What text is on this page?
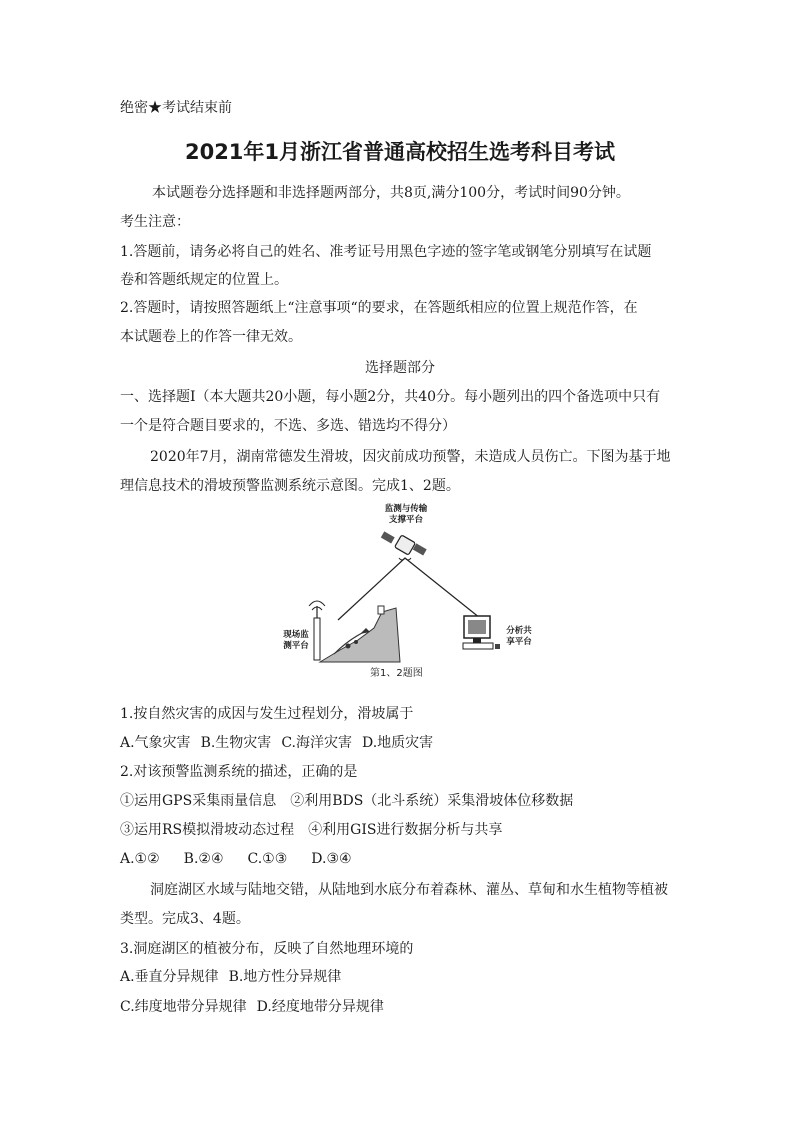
绝密★考试结束前
2021年1月浙江省普通高校招生选考科目考试
本试题卷分选择题和非选择题两部分，共8页,满分100分，考试时间90分钟。
考生注意：
1.答题前，请务必将自己的姓名、准考证号用黑色字迹的签字笔或钢笔分别填写在试题
卷和答题纸规定的位置上。
2.答题时，请按照答题纸上“注意事项“的要求，在答题纸相应的位置上规范作答，在
本试题卷上的作答一律无效。
选择题部分
一、选择题Ⅰ（本大题共20小题，每小题2分，共40分。每小题列出的四个备选项中只有
一个是符合题目要求的，不选、多选、错选均不得分）
2020年7月，湖南常德发生滑坡，因灾前成功预警，未造成人员伤亡。下图为基于地
理信息技术的滑坡预警监测系统示意图。完成1、2题。
监测与传输
支撑平台
现场监
测平台
分析共
享平台
第1、2题图
1.按自然灾害的成因与发生过程划分，滑坡属于
A.气象灾害 B.生物灾害 C.海洋灾害 D.地质灾害
2.对该预警监测系统的描述，正确的是
①运用GPS采集雨量信息　②利用BDS（北斗系统）采集滑坡体位移数据
③运用RS模拟滑坡动态过程　④利用GIS进行数据分析与共享
A.①② B.②④ C.①③ D.③④
洞庭湖区水域与陆地交错，从陆地到水底分布着森林、灌丛、草甸和水生植物等植被
类型。完成3、4题。
3.洞庭湖区的植被分布，反映了自然地理环境的
A.垂直分异规律 B.地方性分异规律
C.纬度地带分异规律 D.经度地带分异规律
